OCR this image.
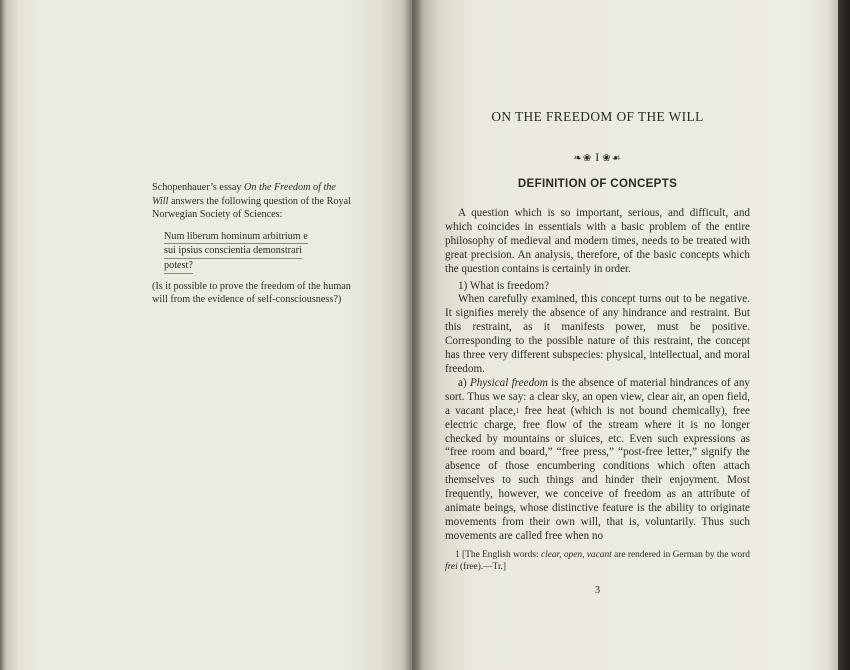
Schopenhauer’s essay On the Freedom of the Will answers the following question of the Royal Norwegian Society of Sciences:

Num liberum hominum arbitrium e
sui ipsius conscientia demonstrari
potest?

(Is it possible to prove the freedom of the human will from the evidence of self-consciousness?)

ON THE FREEDOM OF THE WILL
❧❀ I ❀☙
DEFINITION OF CONCEPTS

A question which is so important, serious, and difficult, and which coincides in essentials with a basic problem of the entire philosophy of medieval and modern times, needs to be treated with great precision. An analysis, therefore, of the basic concepts which the question contains is certainly in order.

1) What is freedom?

When carefully examined, this concept turns out to be negative. It signifies merely the absence of any hindrance and restraint. But this restraint, as it manifests power, must be positive. Corresponding to the possible nature of this restraint, the concept has three very different subspecies: physical, intellectual, and moral freedom.

a) Physical freedom is the absence of material hindrances of any sort. Thus we say: a clear sky, an open view, clear air, an open field, a vacant place,$^1$ free heat (which is not bound chemically), free electric charge, free flow of the stream where it is no longer checked by mountains or sluices, etc. Even such expressions as “free room and board,” “free press,” “post-free letter,” signify the absence of those encumbering conditions which often attach themselves to such things and hinder their enjoyment. Most frequently, however, we conceive of freedom as an attribute of animate beings, whose distinctive feature is the ability to originate movements from their own will, that is, voluntarily. Thus such movements are called free when no

1 [The English words: clear, open, vacant are rendered in German by the word frei (free).—Tr.]

3
